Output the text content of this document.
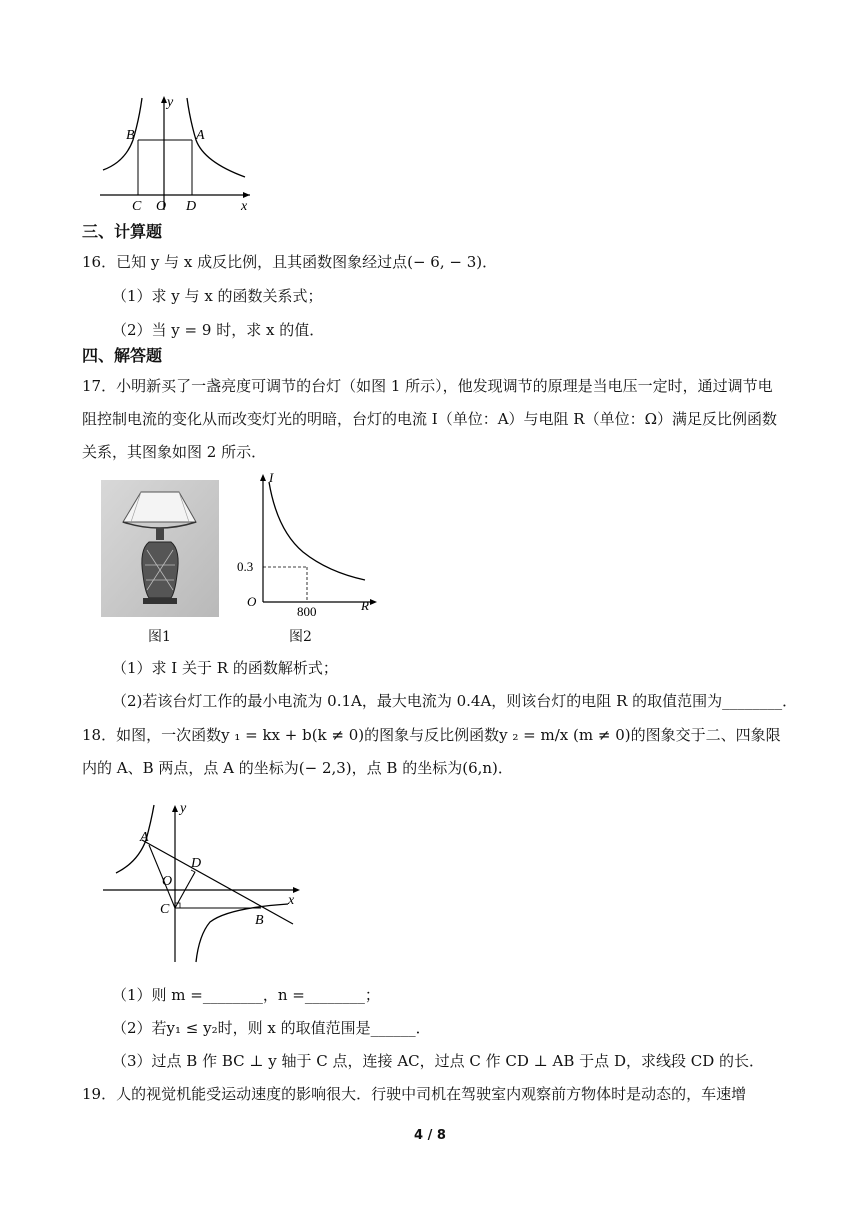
y
x
B	A
C O D
三、计算题
16．已知 y 与 x 成反比例，且其函数图象经过点(− 6, − 3)．
（1）求 y 与 x 的函数关系式；
（2）当 y = 9 时，求 x 的值．
四、解答题
17．小明新买了一盏亮度可调节的台灯（如图 1 所示），他发现调节的原理是当电压一定时，通过调节电阻控制电流的变化从而改变灯光的明暗，台灯的电流 I（单位：A）与电阻 R（单位：Ω）满足反比例函数关系，其图象如图 2 所示．
图1
I
R
O
0.3
800
图2
（1）求 I 关于 R 的函数解析式；
（2)若该台灯工作的最小电流为 0.1A，最大电流为 0.4A，则该台灯的电阻 R 的取值范围为________．
18．如图，一次函数y ₁ = kx + b(k ≠ 0)的图象与反比例函数y ₂ = m/x (m ≠ 0)的图象交于二、四象限内的 A、B 两点，点 A 的坐标为(− 2,3)，点 B 的坐标为(6,n)．
y
x
A
D
O
C
B
（1）则 m =________，n =________；
（2）若y₁ ≤ y₂时，则 x 的取值范围是______．
（3）过点 B 作 BC ⊥ y 轴于 C 点，连接 AC，过点 C 作 CD ⊥ AB 于点 D，求线段 CD 的长．
19．人的视觉机能受运动速度的影响很大．行驶中司机在驾驶室内观察前方物体时是动态的，车速增
4 / 8
